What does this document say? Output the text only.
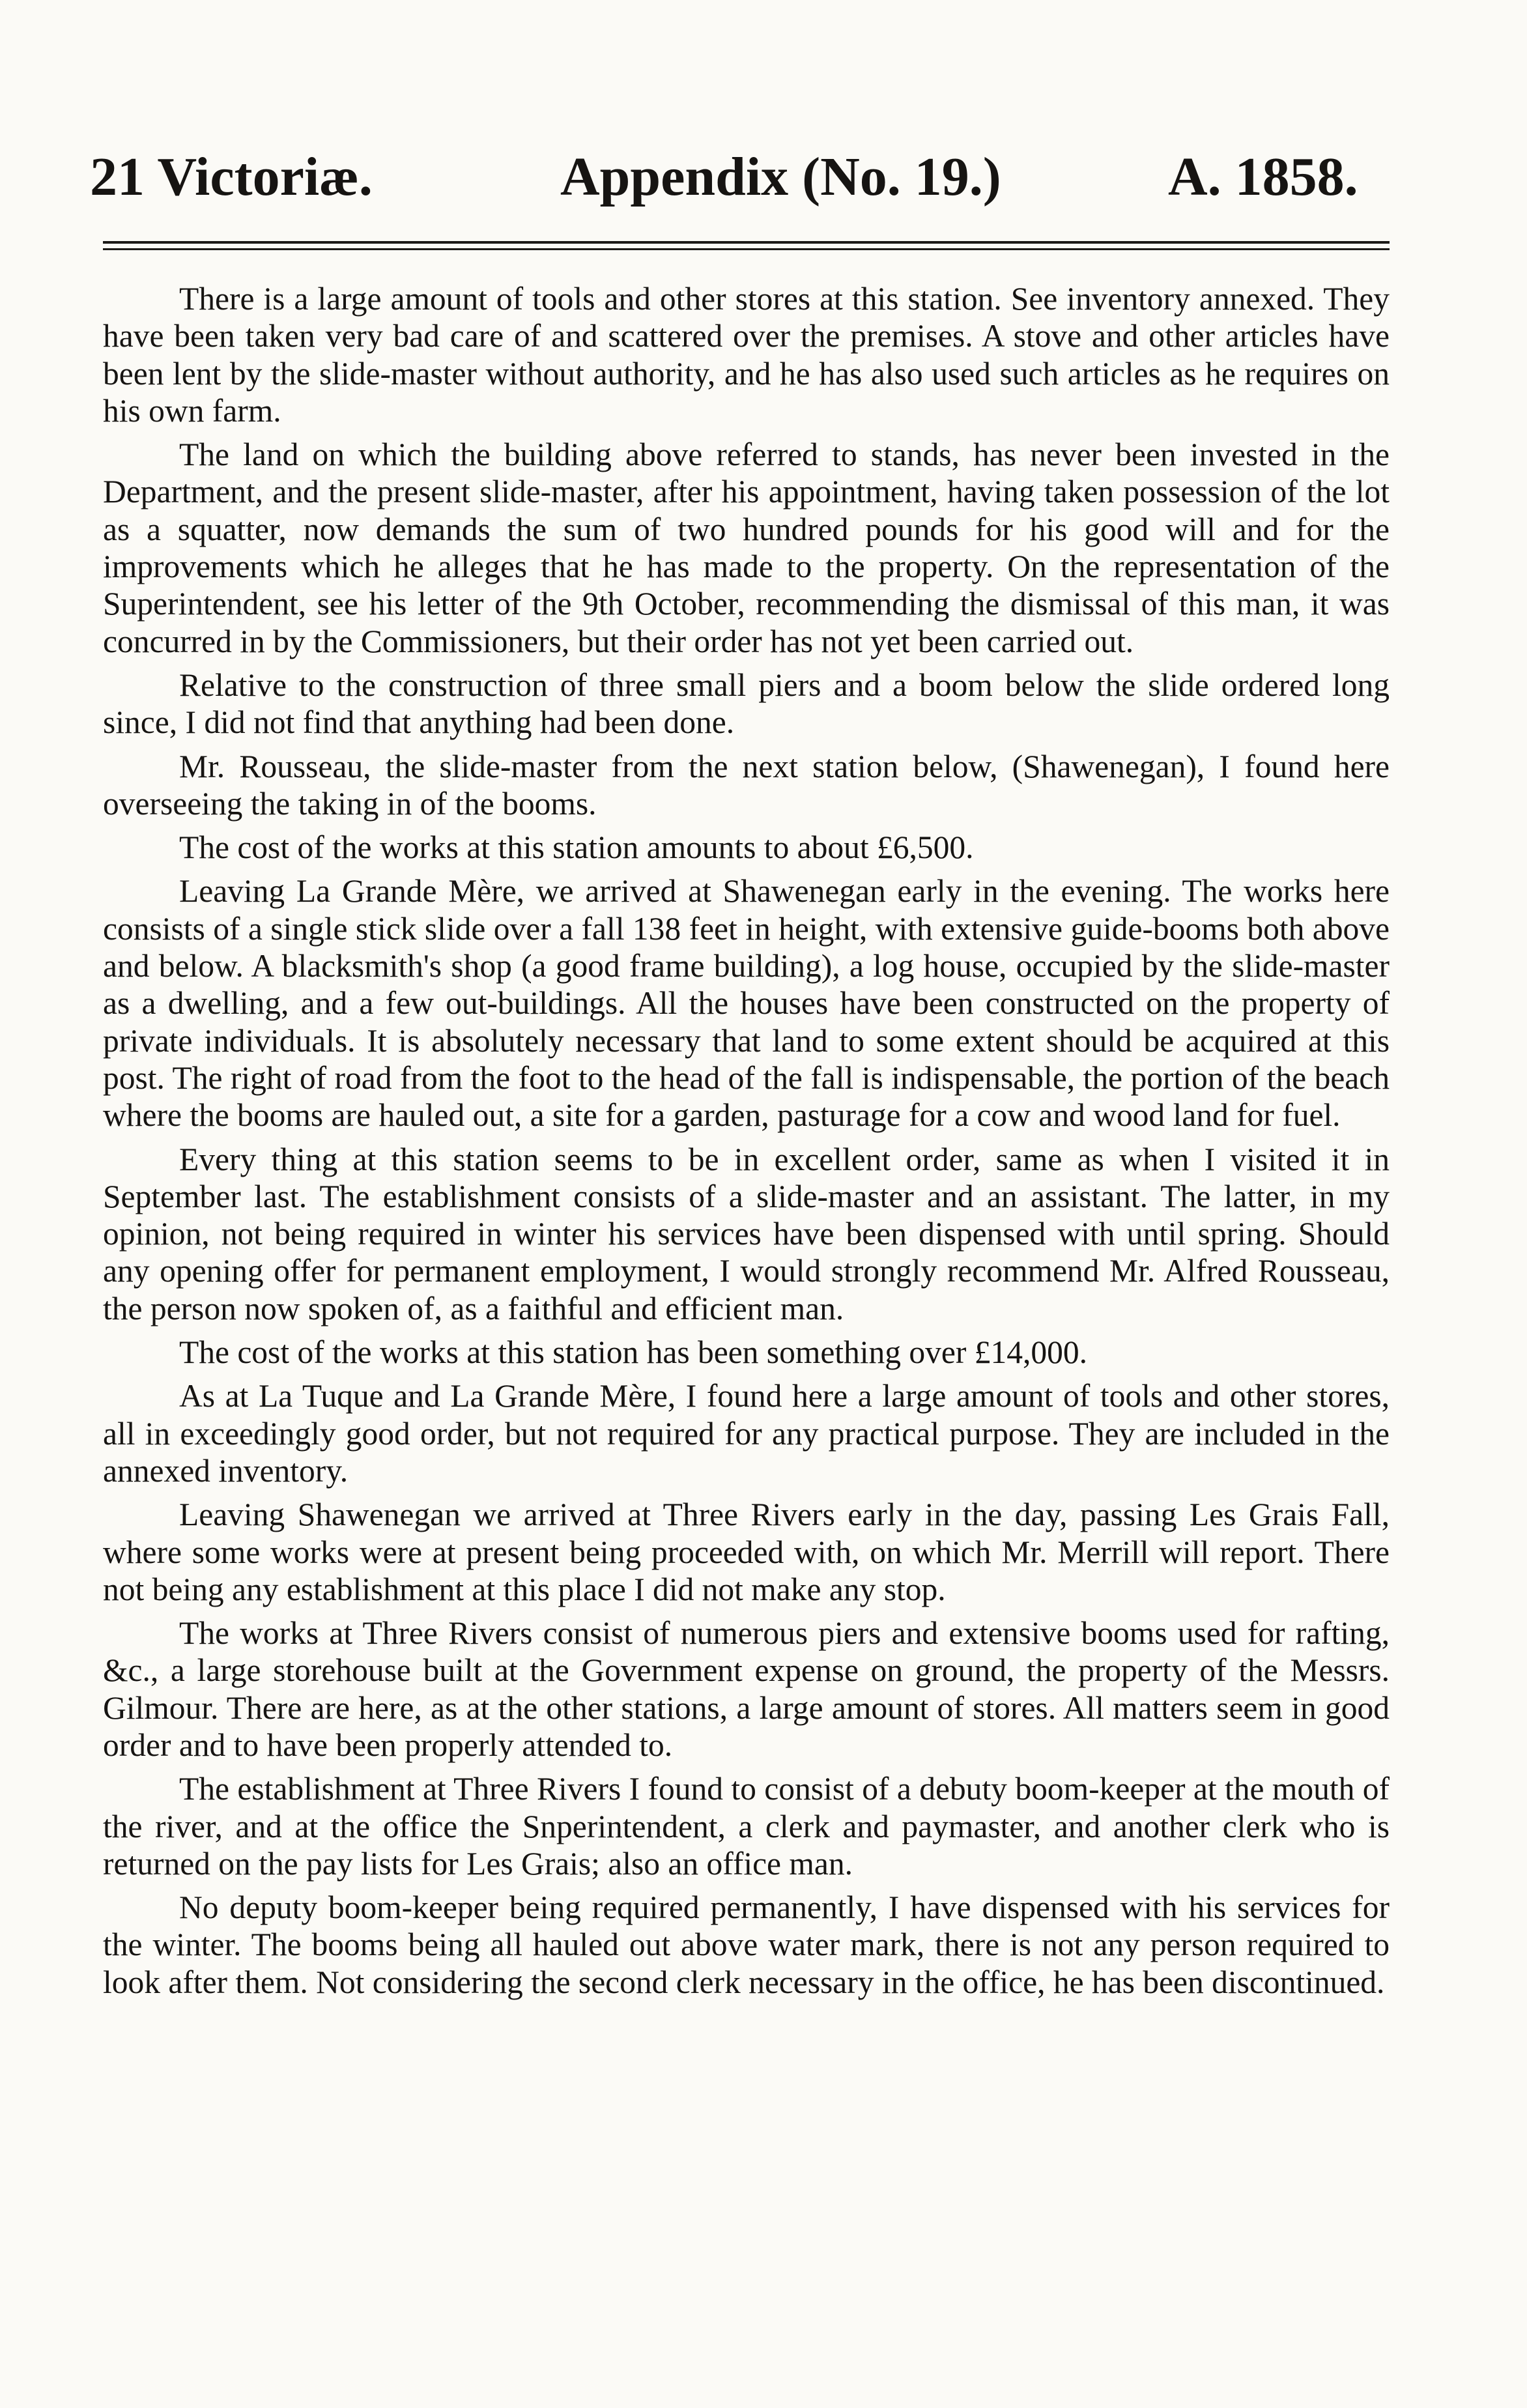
21 Victoriæ.	Appendix (No. 19.)	A. 1858.

There is a large amount of tools and other stores at this station. See inventory annexed. They have been taken very bad care of and scattered over the premises. A stove and other articles have been lent by the slide-master without authority, and he has also used such articles as he requires on his own farm.

The land on which the building above referred to stands, has never been invested in the Department, and the present slide-master, after his appointment, having taken possession of the lot as a squatter, now demands the sum of two hundred pounds for his good will and for the improvements which he alleges that he has made to the property. On the representation of the Superintendent, see his letter of the 9th October, recommending the dismissal of this man, it was concurred in by the Commissioners, but their order has not yet been carried out.

Relative to the construction of three small piers and a boom below the slide ordered long since, I did not find that anything had been done.

Mr. Rousseau, the slide-master from the next station below, (Shawenegan), I found here overseeing the taking in of the booms.

The cost of the works at this station amounts to about £6,500.

Leaving La Grande Mère, we arrived at Shawenegan early in the evening. The works here consists of a single stick slide over a fall 138 feet in height, with extensive guide-booms both above and below. A blacksmith's shop (a good frame building), a log house, occupied by the slide-master as a dwelling, and a few out-buildings. All the houses have been constructed on the property of private individuals. It is absolutely necessary that land to some extent should be acquired at this post. The right of road from the foot to the head of the fall is indispensable, the portion of the beach where the booms are hauled out, a site for a garden, pasturage for a cow and wood land for fuel.

Every thing at this station seems to be in excellent order, same as when I visited it in September last. The establishment consists of a slide-master and an assistant. The latter, in my opinion, not being required in winter his services have been dispensed with until spring. Should any opening offer for permanent employment, I would strongly recommend Mr. Alfred Rousseau, the person now spoken of, as a faithful and efficient man.

The cost of the works at this station has been something over £14,000.

As at La Tuque and La Grande Mère, I found here a large amount of tools and other stores, all in exceedingly good order, but not required for any practical purpose. They are included in the annexed inventory.

Leaving Shawenegan we arrived at Three Rivers early in the day, passing Les Grais Fall, where some works were at present being proceeded with, on which Mr. Merrill will report. There not being any establishment at this place I did not make any stop.

The works at Three Rivers consist of numerous piers and extensive booms used for rafting, &c., a large storehouse built at the Government expense on ground, the property of the Messrs. Gilmour. There are here, as at the other stations, a large amount of stores. All matters seem in good order and to have been properly attended to.

The establishment at Three Rivers I found to consist of a debuty boom-keeper at the mouth of the river, and at the office the Snperintendent, a clerk and paymaster, and another clerk who is returned on the pay lists for Les Grais; also an office man.

No deputy boom-keeper being required permanently, I have dispensed with his services for the winter. The booms being all hauled out above water mark, there is not any person required to look after them. Not considering the second clerk necessary in the office, he has been discontinued.
